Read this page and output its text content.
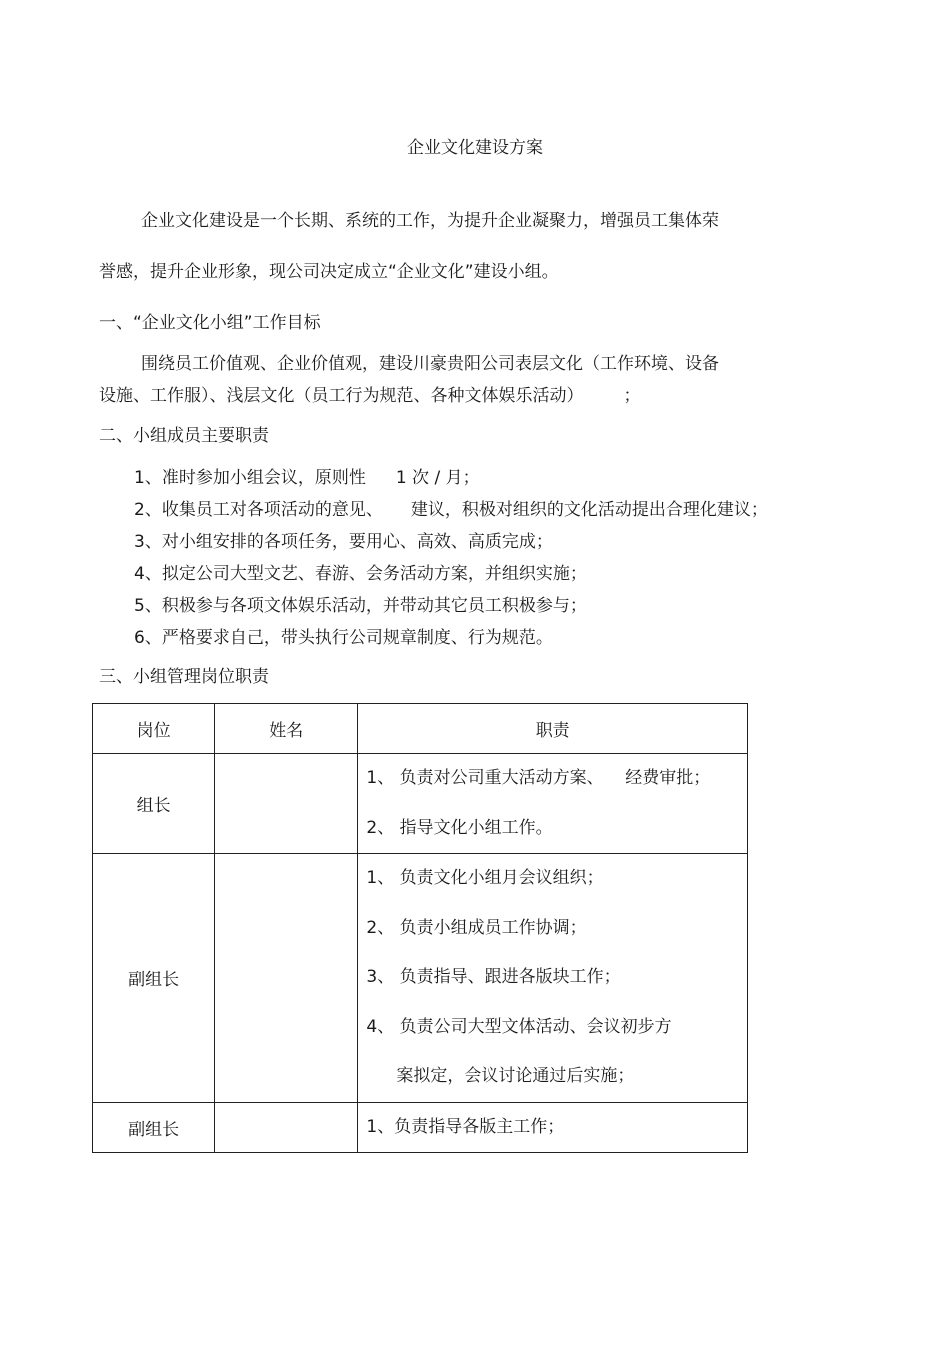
企业文化建设方案
企业文化建设是一个长期、系统的工作，为提升企业凝聚力，增强员工集体荣
誉感，提升企业形象，现公司决定成立“企业文化”建设小组。
一、“企业文化小组”工作目标
围绕员工价值观、企业价值观，建设川豪贵阳公司表层文化（工作环境、设备
设施、工作服）、浅层文化（员工行为规范、各种文体娱乐活动） ；
二、小组成员主要职责
1、准时参加小组会议，原则性 1 次 / 月；
2、收集员工对各项活动的意见、 建议，积极对组织的文化活动提出合理化建议；
3、对小组安排的各项任务，要用心、高效、高质完成；
4、拟定公司大型文艺、春游、会务活动方案，并组织实施；
5、积极参与各项文体娱乐活动，并带动其它员工积极参与；
6、严格要求自己，带头执行公司规章制度、行为规范。
三、小组管理岗位职责
岗位	姓名	职责
组长		1、 负责对公司重大活动方案、    经费审批；
2、 指导文化小组工作。

副组长		1、 负责文化小组月会议组织；
2、 负责小组成员工作协调；
3、 负责指导、跟进各版块工作；
4、 负责公司大型文体活动、会议初步方
案拟定，会议讨论通过后实施；

副组长		1、负责指导各版主工作；
